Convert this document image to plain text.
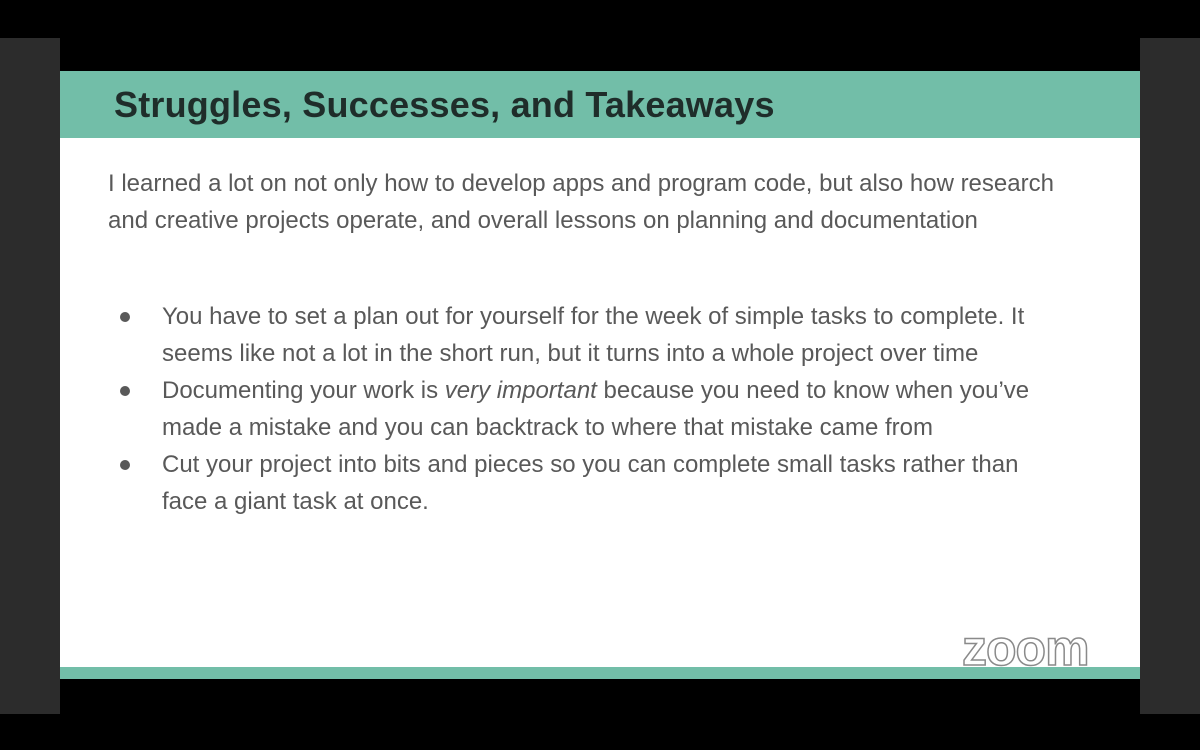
Struggles, Successes, and Takeaways

I learned a lot on not only how to develop apps and program code, but also how research and creative projects operate, and overall lessons on planning and documentation

You have to set a plan out for yourself for the week of simple tasks to complete. It seems like not a lot in the short run, but it turns into a whole project over time
Documenting your work is very important because you need to know when you’ve made a mistake and you can backtrack to where that mistake came from
Cut your project into bits and pieces so you can complete small tasks rather than face a giant task at once.
zoom
